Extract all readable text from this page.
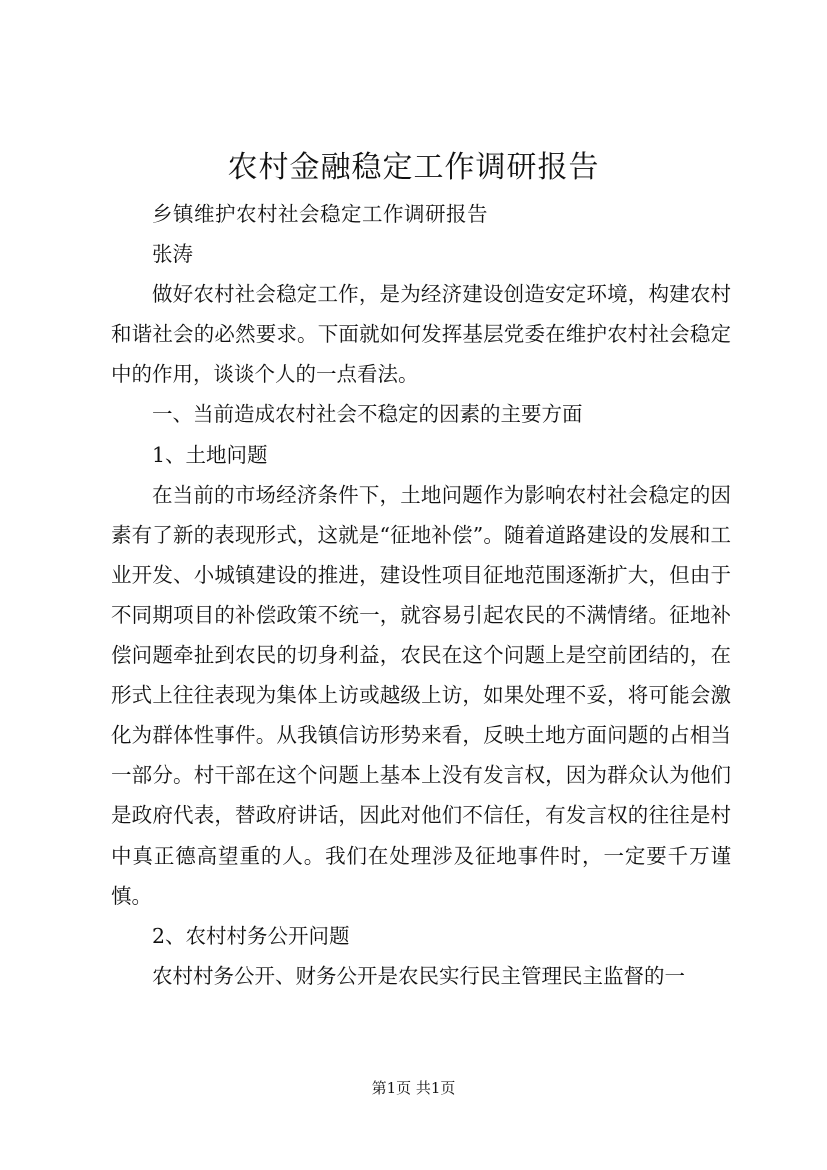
农村金融稳定工作调研报告

乡镇维护农村社会稳定工作调研报告

张涛

做好农村社会稳定工作，是为经济建设创造安定环境，构建农村和谐社会的必然要求。下面就如何发挥基层党委在维护农村社会稳定中的作用，谈谈个人的一点看法。

一、当前造成农村社会不稳定的因素的主要方面

1、土地问题

在当前的市场经济条件下，土地问题作为影响农村社会稳定的因素有了新的表现形式，这就是“征地补偿”。随着道路建设的发展和工业开发、小城镇建设的推进，建设性项目征地范围逐渐扩大，但由于不同期项目的补偿政策不统一，就容易引起农民的不满情绪。征地补偿问题牵扯到农民的切身利益，农民在这个问题上是空前团结的，在形式上往往表现为集体上访或越级上访，如果处理不妥，将可能会激化为群体性事件。从我镇信访形势来看，反映土地方面问题的占相当一部分。村干部在这个问题上基本上没有发言权，因为群众认为他们是政府代表，替政府讲话，因此对他们不信任，有发言权的往往是村中真正德高望重的人。我们在处理涉及征地事件时，一定要千万谨慎。

2、农村村务公开问题

农村村务公开、财务公开是农民实行民主管理民主监督的一

第1页 共1页
